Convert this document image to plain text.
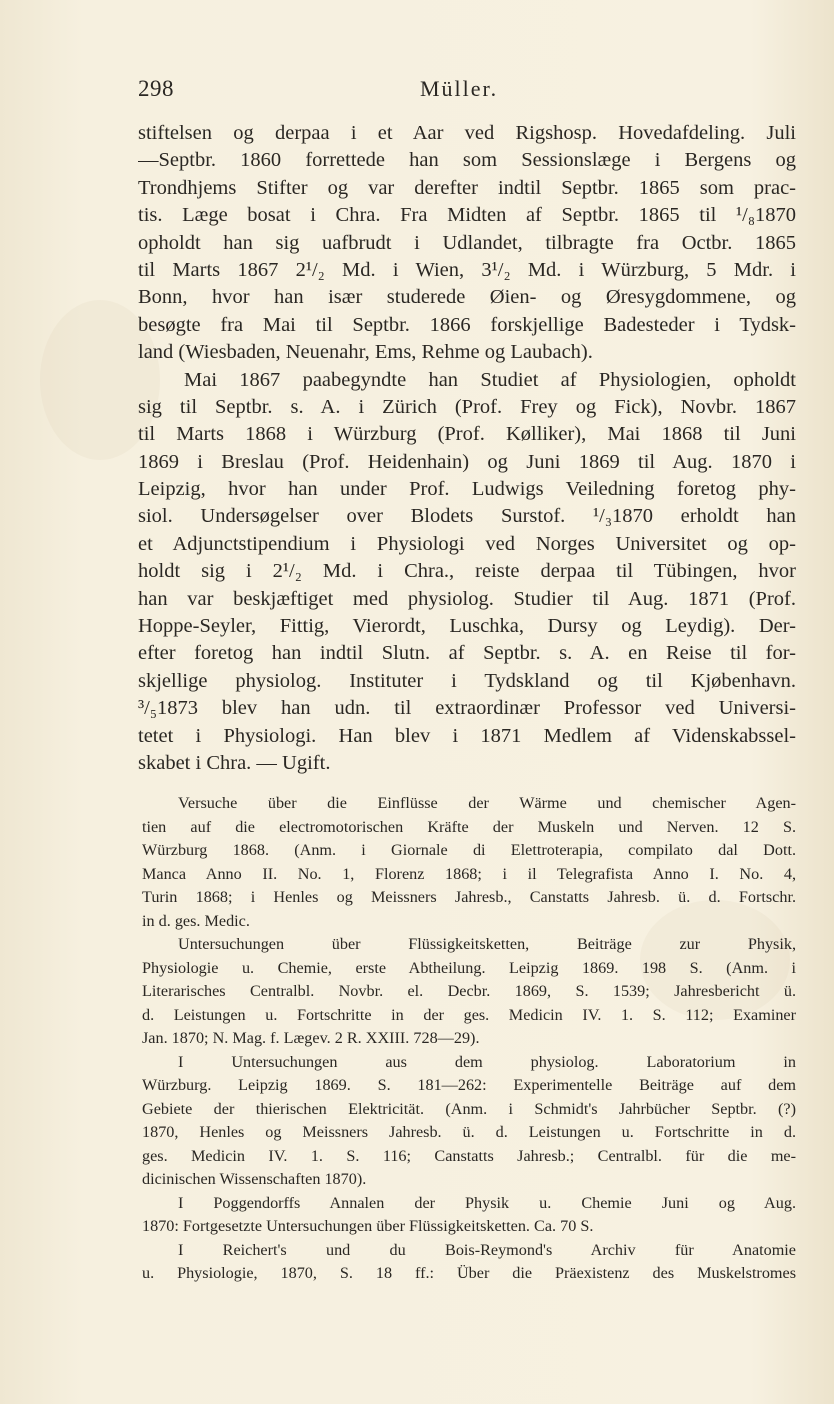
298	Müller.
stiftelsen og derpaa i et Aar ved Rigshosp. Hovedafdeling. Juli
—Septbr. 1860 forrettede han som Sessionslæge i Bergens og
Trondhjems Stifter og var derefter indtil Septbr. 1865 som prac-
tis. Læge bosat i Chra. Fra Midten af Septbr. 1865 til ¹/₈1870
opholdt han sig uafbrudt i Udlandet, tilbragte fra Octbr. 1865
til Marts 1867 2¹/₂ Md. i Wien, 3¹/₂ Md. i Würzburg, 5 Mdr. i
Bonn, hvor han især studerede Øien- og Øresygdommene, og
besøgte fra Mai til Septbr. 1866 forskjellige Badesteder i Tydsk-
land (Wiesbaden, Neuenahr, Ems, Rehme og Laubach).
Mai 1867 paabegyndte han Studiet af Physiologien, opholdt
sig til Septbr. s. A. i Zürich (Prof. Frey og Fick), Novbr. 1867
til Marts 1868 i Würzburg (Prof. Kølliker), Mai 1868 til Juni
1869 i Breslau (Prof. Heidenhain) og Juni 1869 til Aug. 1870 i
Leipzig, hvor han under Prof. Ludwigs Veiledning foretog phy-
siol. Undersøgelser over Blodets Surstof. ¹/₃1870 erholdt han
et Adjunctstipendium i Physiologi ved Norges Universitet og op-
holdt sig i 2¹/₂ Md. i Chra., reiste derpaa til Tübingen, hvor
han var beskjæftiget med physiolog. Studier til Aug. 1871 (Prof.
Hoppe-Seyler, Fittig, Vierordt, Luschka, Dursy og Leydig). Der-
efter foretog han indtil Slutn. af Septbr. s. A. en Reise til for-
skjellige physiolog. Instituter i Tydskland og til Kjøbenhavn.
³/₅1873 blev han udn. til extraordinær Professor ved Universi-
tetet i Physiologi. Han blev i 1871 Medlem af Videnskabssel-
skabet i Chra. — Ugift.
Versuche über die Einflüsse der Wärme und chemischer Agen-
tien auf die electromotorischen Kräfte der Muskeln und Nerven. 12 S.
Würzburg 1868. (Anm. i Giornale di Elettroterapia, compilato dal Dott.
Manca Anno II. No. 1, Florenz 1868; i il Telegrafista Anno I. No. 4,
Turin 1868; i Henles og Meissners Jahresb., Canstatts Jahresb. ü. d. Fortschr.
in d. ges. Medic.
Untersuchungen über Flüssigkeitsketten, Beiträge zur Physik,
Physiologie u. Chemie, erste Abtheilung. Leipzig 1869. 198 S. (Anm. i
Literarisches Centralbl. Novbr. el. Decbr. 1869, S. 1539; Jahresbericht ü.
d. Leistungen u. Fortschritte in der ges. Medicin IV. 1. S. 112; Examiner
Jan. 1870; N. Mag. f. Lægev. 2 R. XXIII. 728—29).
I Untersuchungen aus dem physiolog. Laboratorium in
Würzburg. Leipzig 1869. S. 181—262: Experimentelle Beiträge auf dem
Gebiete der thierischen Elektricität. (Anm. i Schmidt's Jahrbücher Septbr. (?)
1870, Henles og Meissners Jahresb. ü. d. Leistungen u. Fortschritte in d.
ges. Medicin IV. 1. S. 116; Canstatts Jahresb.; Centralbl. für die me-
dicinischen Wissenschaften 1870).
I Poggendorffs Annalen der Physik u. Chemie Juni og Aug.
1870: Fortgesetzte Untersuchungen über Flüssigkeitsketten. Ca. 70 S.
I Reichert's und du Bois-Reymond's Archiv für Anatomie
u. Physiologie, 1870, S. 18 ff.: Über die Präexistenz des Muskelstromes
